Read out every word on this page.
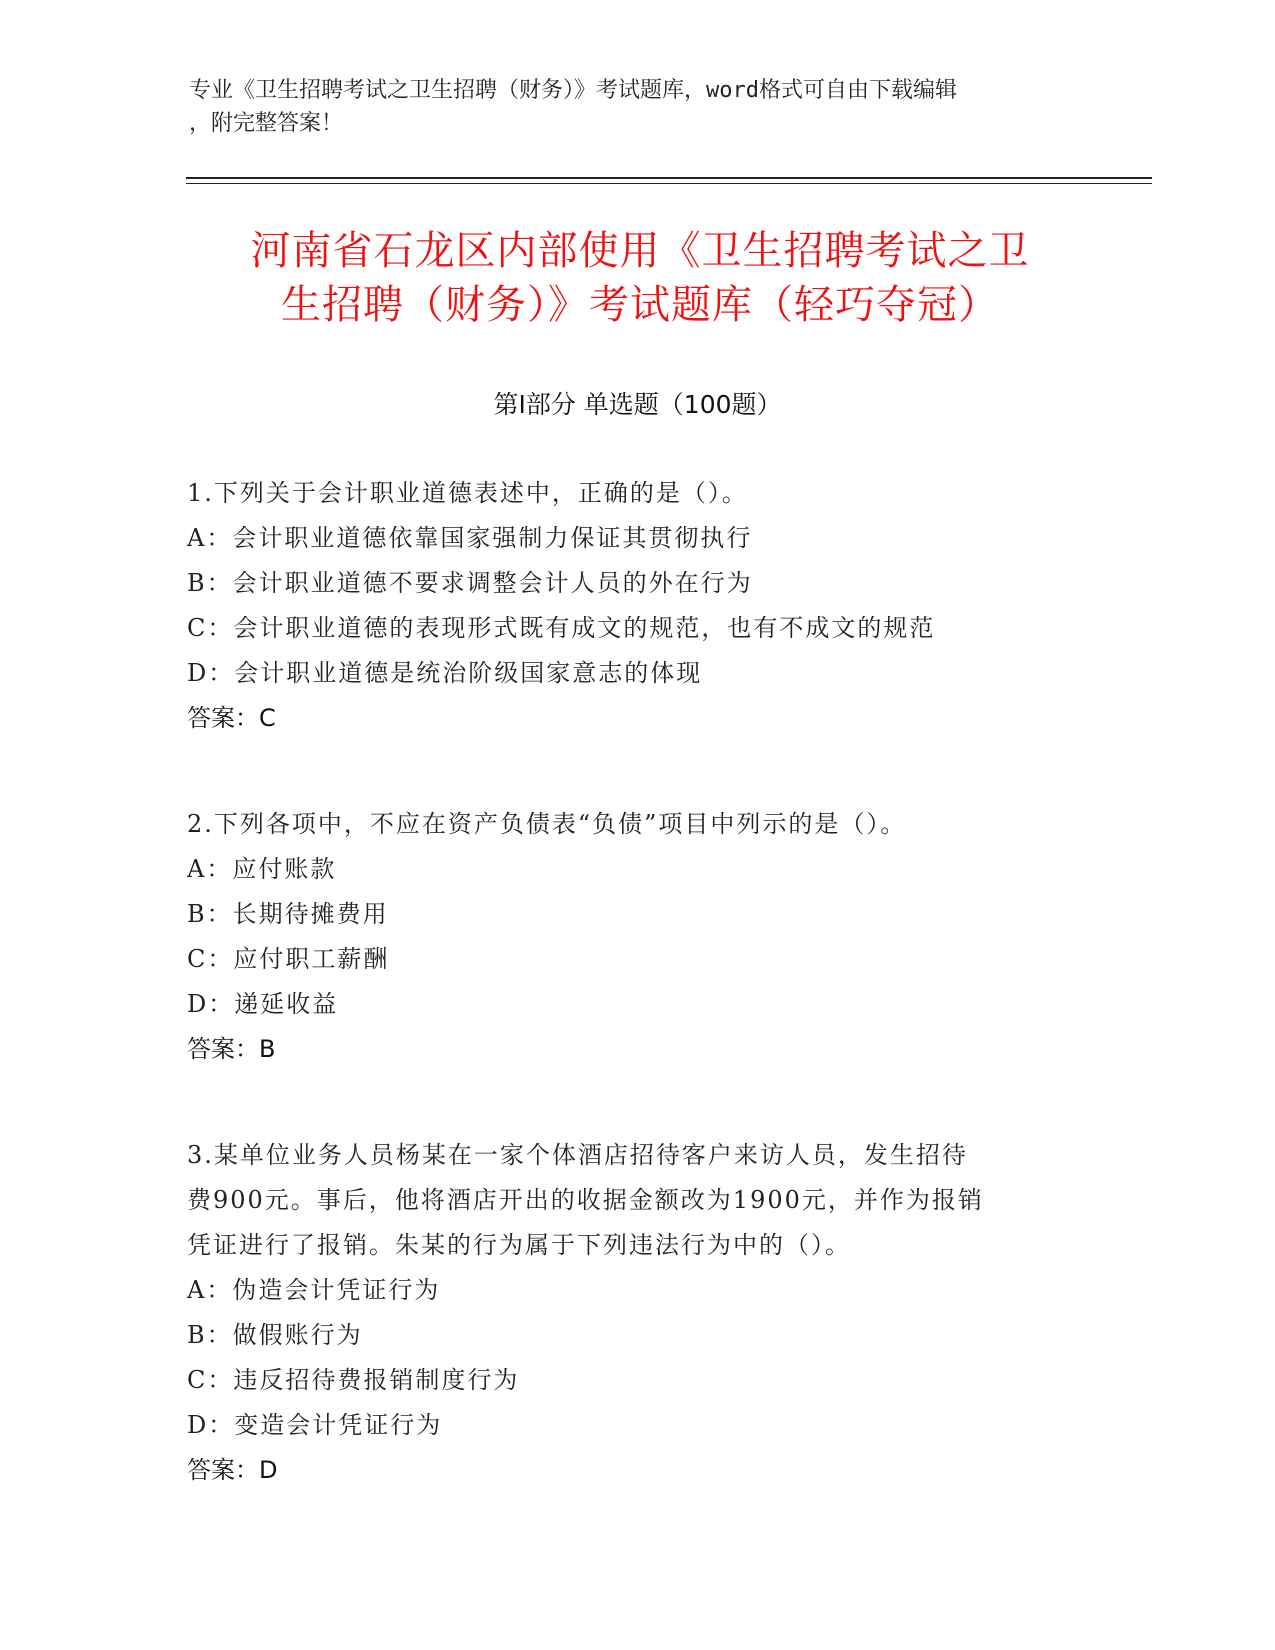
专业《卫生招聘考试之卫生招聘（财务）》考试题库，word格式可自由下载编辑
，附完整答案！
河南省石龙区内部使用《卫生招聘考试之卫
生招聘（财务）》考试题库（轻巧夺冠）
第Ⅰ部分 单选题（100题）
1.下列关于会计职业道德表述中，正确的是（）。
A：会计职业道德依靠国家强制力保证其贯彻执行
B：会计职业道德不要求调整会计人员的外在行为
C：会计职业道德的表现形式既有成文的规范，也有不成文的规范
D：会计职业道德是统治阶级国家意志的体现
答案：C
2.下列各项中，不应在资产负债表“负债”项目中列示的是（）。
A：应付账款
B：长期待摊费用
C：应付职工薪酬
D：递延收益
答案：B
3.某单位业务人员杨某在一家个体酒店招待客户来访人员，发生招待
费900元。事后，他将酒店开出的收据金额改为1900元，并作为报销
凭证进行了报销。朱某的行为属于下列违法行为中的（）。
A：伪造会计凭证行为
B：做假账行为
C：违反招待费报销制度行为
D：变造会计凭证行为
答案：D
